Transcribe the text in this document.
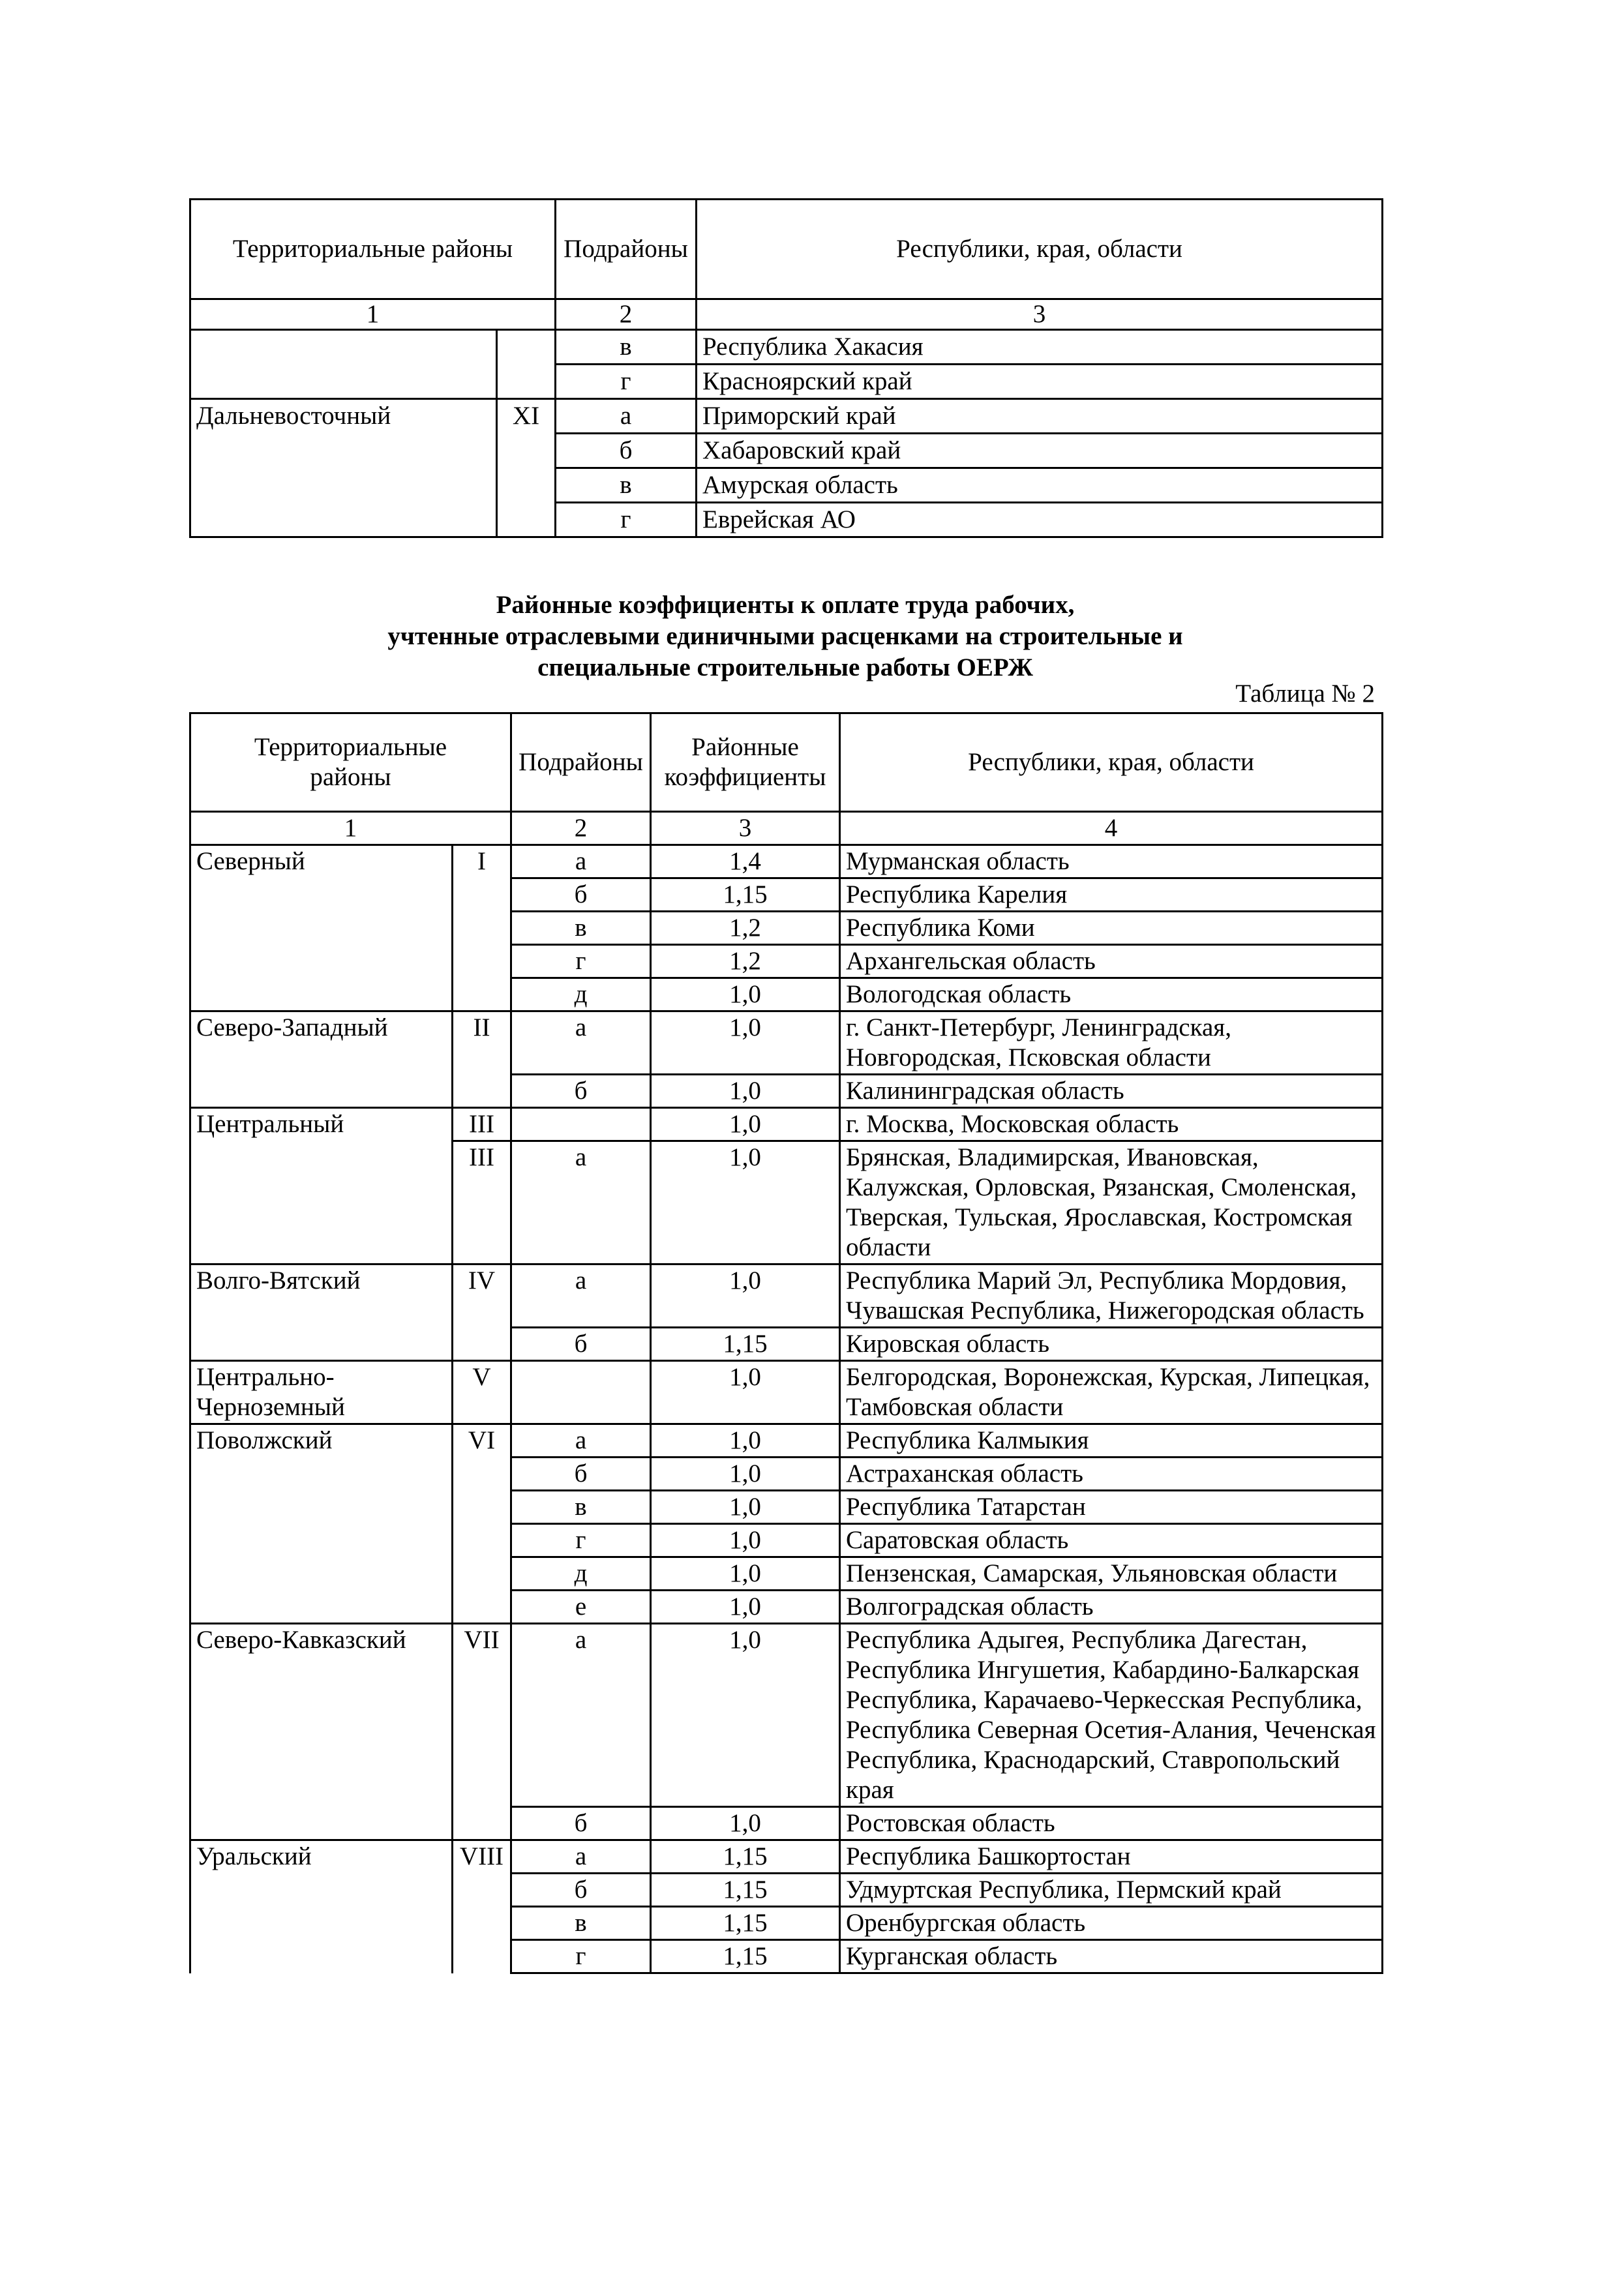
Территориальные районы		Подрайоны	Республики, края, области
1		2	3
		в	Республика Хакасия
		г	Красноярский край
Дальневосточный	XI	а	Приморский край
		б	Хабаровский край
		в	Амурская область
		г	Еврейская АО
Районные коэффициенты к оплате труда рабочих,
учтенные отраслевыми единичными расценками на строительные и
специальные строительные работы ОЕРЖ
Таблица № 2
Территориальные районы		Подрайоны	Районные коэффициенты	Республики, края, области
1		2	3	4
Северный	I	а	1,4	Мурманская область
		б	1,15	Республика Карелия
		в	1,2	Республика Коми
		г	1,2	Архангельская область
		д	1,0	Вологодская область
Северо-Западный	II	а	1,0	г. Санкт-Петербург, Ленинградская, Новгородская, Псковская области
		б	1,0	Калининградская область
Центральный	III		1,0	г. Москва, Московская область
	III	а	1,0	Брянская, Владимирская, Ивановская, Калужская, Орловская, Рязанская, Смоленская, Тверская, Тульская, Ярославская, Костромская области
Волго-Вятский	IV	а	1,0	Республика Марий Эл, Республика Мордовия, Чувашская Республика, Нижегородская область
		б	1,15	Кировская область
Центрально-Черноземный	V		1,0	Белгородская, Воронежская, Курская, Липецкая, Тамбовская области
Поволжский	VI	а	1,0	Республика Калмыкия
		б	1,0	Астраханская область
		в	1,0	Республика Татарстан
		г	1,0	Саратовская область
		д	1,0	Пензенская, Самарская, Ульяновская области
		е	1,0	Волгоградская область
Северо-Кавказский	VII	а	1,0	Республика Адыгея, Республика Дагестан, Республика Ингушетия, Кабардино-Балкарская Республика, Карачаево-Черкесская Республика, Республика Северная Осетия-Алания, Чеченская Республика, Краснодарский, Ставропольский края
		б	1,0	Ростовская область
Уральский	VIII	а	1,15	Республика Башкортостан
		б	1,15	Удмуртская Республика, Пермский край
		в	1,15	Оренбургская область
		г	1,15	Курганская область
